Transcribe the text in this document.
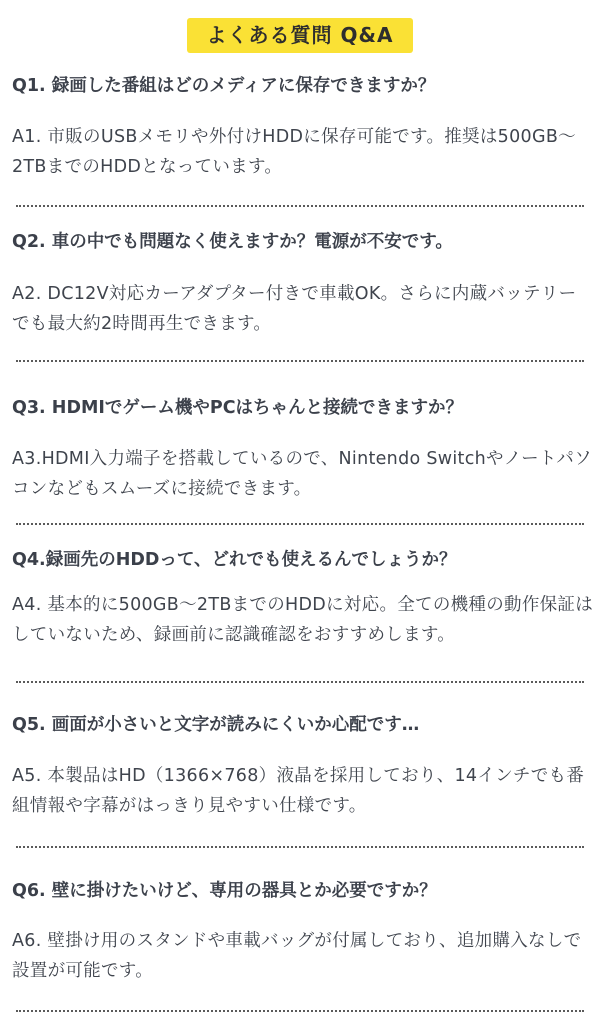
よくある質問 Q&A
Q1. 録画した番組はどのメディアに保存できますか？
A1. 市販のUSBメモリや外付けHDDに保存可能です。推奨は500GB〜2TBまでのHDDとなっています。
Q2. 車の中でも問題なく使えますか？電源が不安です。
A2. DC12V対応カーアダプター付きで車載OK。さらに内蔵バッテリーでも最大約2時間再生できます。
Q3. HDMIでゲーム機やPCはちゃんと接続できますか？
A3.HDMI入力端子を搭載しているので、Nintendo Switchやノートパソコンなどもスムーズに接続できます。
Q4.録画先のHDDって、どれでも使えるんでしょうか？
A4. 基本的に500GB〜2TBまでのHDDに対応。全ての機種の動作保証はしていないため、録画前に認識確認をおすすめします。
Q5. 画面が小さいと文字が読みにくいか心配です…
A5. 本製品はHD（1366×768）液晶を採用しており、14インチでも番組情報や字幕がはっきり見やすい仕様です。
Q6. 壁に掛けたいけど、専用の器具とか必要ですか？
A6. 壁掛け用のスタンドや車載バッグが付属しており、追加購入なしで設置が可能です。
